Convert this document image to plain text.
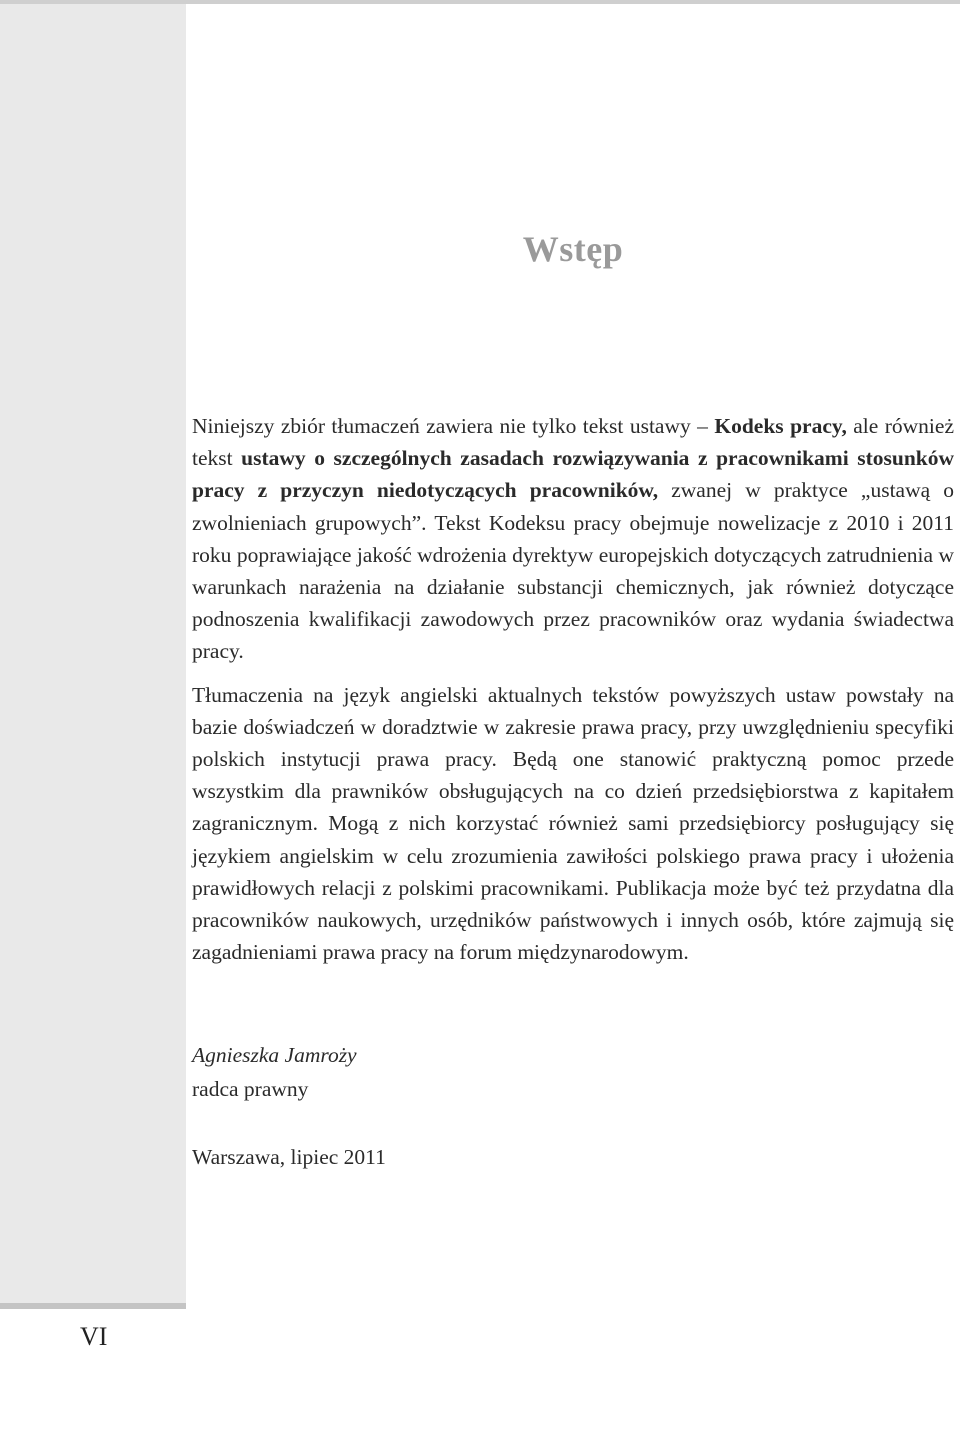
Wstęp

Niniejszy zbiór tłumaczeń zawiera nie tylko tekst ustawy – Kodeks pracy, ale również tekst ustawy o szczególnych zasadach rozwiązywania z pracownikami stosunków pracy z przyczyn niedotyczących pracowników, zwanej w praktyce „ustawą o zwolnieniach grupowych”. Tekst Kodeksu pracy obejmuje nowelizacje z 2010 i 2011 roku poprawiające jakość wdrożenia dyrektyw europejskich dotyczących zatrudnienia w warunkach narażenia na działanie substancji chemicznych, jak również dotyczące podnoszenia kwalifikacji zawodowych przez pracowników oraz wydania świadectwa pracy.

Tłumaczenia na język angielski aktualnych tekstów powyższych ustaw powstały na bazie doświadczeń w doradztwie w zakresie prawa pracy, przy uwzględnieniu specyfiki polskich instytucji prawa pracy. Będą one stanowić praktyczną pomoc przede wszystkim dla prawników obsługujących na co dzień przedsiębiorstwa z kapitałem zagranicznym. Mogą z nich korzystać również sami przedsiębiorcy posługujący się językiem angielskim w celu zrozumienia zawiłości polskiego prawa pracy i ułożenia prawidłowych relacji z polskimi pracownikami. Publikacja może być też przydatna dla pracowników naukowych, urzędników państwowych i innych osób, które zajmują się zagadnieniami prawa pracy na forum międzynarodowym.

Agnieszka Jamroży
radca prawny
Warszawa, lipiec 2011
VI
